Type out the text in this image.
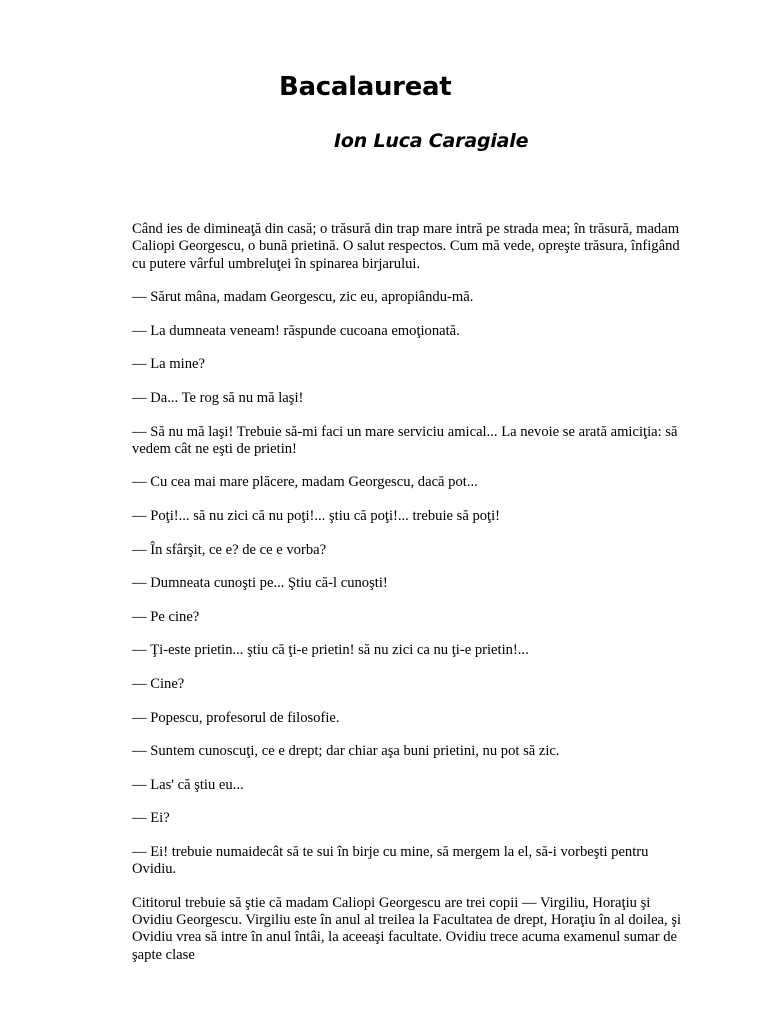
Bacalaureat
Ion Luca Caragiale

Când ies de dimineaţă din casă; o trăsură din trap mare intră pe strada mea; în trăsură, madam Caliopi Georgescu, o bună prietină. O salut respectos. Cum mă vede, opreşte trăsura, înfigând cu putere vârful umbreluţei în spinarea birjarului.

— Sărut mâna, madam Georgescu, zic eu, apropiându-mă.

— La dumneata veneam! răspunde cucoana emoţionată.

— La mine?

— Da... Te rog să nu mă laşi!

— Să nu mă laşi! Trebuie să-mi faci un mare serviciu amical... La nevoie se arată amiciţia: să vedem cât ne eşti de prietin!

— Cu cea mai mare plăcere, madam Georgescu, dacă pot...

— Poţi!... să nu zici că nu poţi!... ştiu că poţi!... trebuie să poţi!

— În sfârşit, ce e? de ce e vorba?

— Dumneata cunoşti pe... Ştiu că-l cunoşti!

— Pe cine?

— Ţi-este prietin... ştiu că ţi-e prietin! să nu zici ca nu ţi-e prietin!...

— Cine?

— Popescu, profesorul de filosofie.

— Suntem cunoscuţi, ce e drept; dar chiar aşa buni prietini, nu pot să zic.

— Las' că ştiu eu...

— Ei?

— Ei! trebuie numaidecât să te sui în birje cu mine, să mergem la el, să-i vorbeşti pentru Ovidiu.

Cititorul trebuie să ştie că madam Caliopi Georgescu are trei copii — Virgiliu, Horaţiu şi Ovidiu Georgescu. Virgiliu este în anul al treilea la Facultatea de drept, Horaţiu în al doilea, şi Ovidiu vrea să intre în anul întâi, la aceeaşi facultate. Ovidiu trece acuma examenul sumar de şapte clase
